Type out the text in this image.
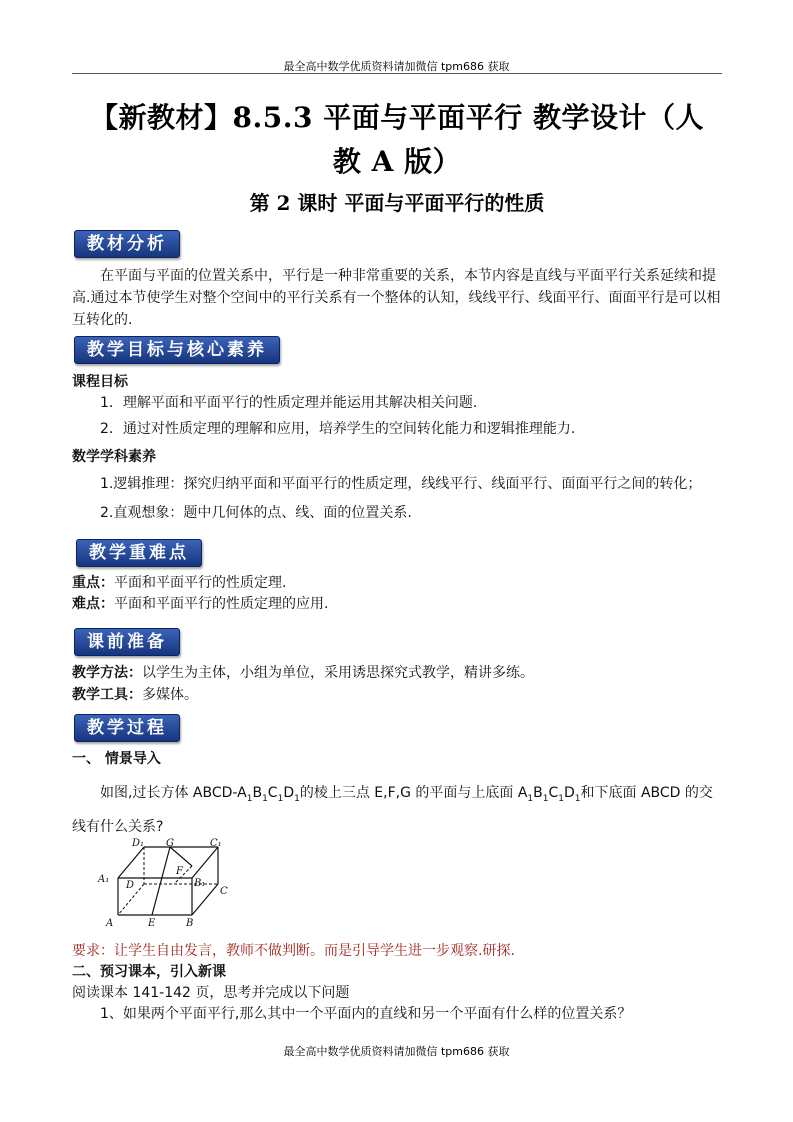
最全高中数学优质资料请加微信 tpm686 获取
【新教材】8.5.3 平面与平面平行 教学设计（人
教 A 版）
第 2 课时 平面与平面平行的性质
教材分析
在平面与平面的位置关系中，平行是一种非常重要的关系，本节内容是直线与平面平行关系延续和提高.通过本节使学生对整个空间中的平行关系有一个整体的认知，线线平行、线面平行、面面平行是可以相互转化的.
教学目标与核心素养
课程目标
1．理解平面和平面平行的性质定理并能运用其解决相关问题.
2．通过对性质定理的理解和应用，培养学生的空间转化能力和逻辑推理能力.
数学学科素养
1.逻辑推理：探究归纳平面和平面平行的性质定理，线线平行、线面平行、面面平行之间的转化；
2.直观想象：题中几何体的点、线、面的位置关系.
教学重难点
重点：平面和平面平行的性质定理.
难点：平面和平面平行的性质定理的应用.
课前准备
教学方法：以学生为主体，小组为单位，采用诱思探究式教学，精讲多练。
教学工具：多媒体。
教学过程
一、 情景导入
如图,过长方体 ABCD-$A_1B_1C_1D_1$的棱上三点 E,F,G 的平面与上底面 $A_1B_1C_1D_1$和下底面 ABCD 的交线有什么关系?
D₁ G	C₁
A₁
D
F
B₁
C
A	E	B
要求：让学生自由发言，教师不做判断。而是引导学生进一步观察.研探.
二、预习课本，引入新课
阅读课本 141-142 页，思考并完成以下问题
1、如果两个平面平行,那么其中一个平面内的直线和另一个平面有什么样的位置关系？
最全高中数学优质资料请加微信 tpm686 获取
